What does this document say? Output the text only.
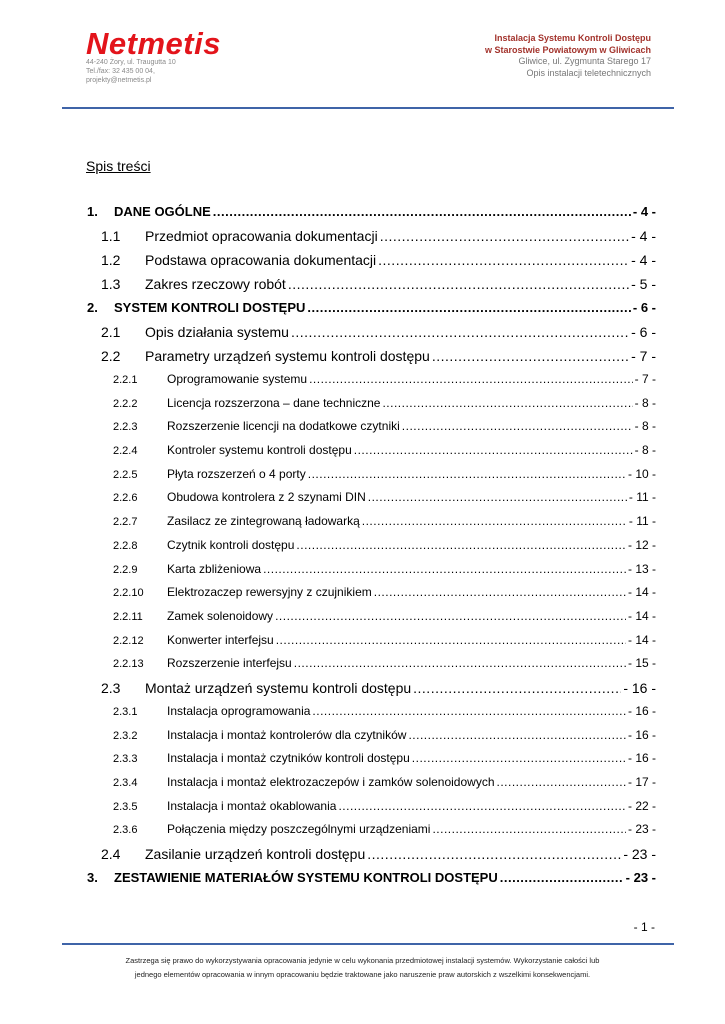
Netmetis
44-240 Żory, ul. Traugutta 10
Tel./fax: 32 435 00 04,
projekty@netmetis.pl
Instalacja Systemu Kontroli Dostępu
w Starostwie Powiatowym w Gliwicach
Gliwice, ul. Zygmunta Starego 17
Opis instalacji teletechnicznych
Spis treści
1.	DANE OGÓLNE .....	- 4 -
1.1	Przedmiot opracowania dokumentacji .....	- 4 -
1.2	Podstawa opracowania dokumentacji .....	- 4 -
1.3	Zakres rzeczowy robót .....	- 5 -
2.	SYSTEM KONTROLI DOSTĘPU .....	- 6 -
2.1	Opis działania systemu .....	- 6 -
2.2	Parametry urządzeń systemu kontroli dostępu .....	- 7 -
2.2.1	Oprogramowanie systemu .....	- 7 -
2.2.2	Licencja rozszerzona – dane techniczne .....	- 8 -
2.2.3	Rozszerzenie licencji na dodatkowe czytniki .....	- 8 -
2.2.4	Kontroler systemu kontroli dostępu .....	- 8 -
2.2.5	Płyta rozszerzeń o 4 porty .....	- 10 -
2.2.6	Obudowa kontrolera z 2 szynami DIN .....	- 11 -
2.2.7	Zasilacz ze zintegrowaną ładowarką .....	- 11 -
2.2.8	Czytnik kontroli dostępu .....	- 12 -
2.2.9	Karta zbliżeniowa .....	- 13 -
2.2.10	Elektrozaczep rewersyjny z czujnikiem .....	- 14 -
2.2.11	Zamek solenoidowy .....	- 14 -
2.2.12	Konwerter interfejsu .....	- 14 -
2.2.13	Rozszerzenie interfejsu .....	- 15 -
2.3	Montaż urządzeń systemu kontroli dostępu .....	- 16 -
2.3.1	Instalacja oprogramowania .....	- 16 -
2.3.2	Instalacja i montaż kontrolerów dla czytników .....	- 16 -
2.3.3	Instalacja i montaż czytników kontroli dostępu .....	- 16 -
2.3.4	Instalacja i montaż elektrozaczepów i zamków solenoidowych .....	- 17 -
2.3.5	Instalacja i montaż okablowania .....	- 22 -
2.3.6	Połączenia między poszczególnymi urządzeniami .....	- 23 -
2.4	Zasilanie urządzeń kontroli dostępu .....	- 23 -
3.	ZESTAWIENIE MATERIAŁÓW SYSTEMU KONTROLI DOSTĘPU .....	- 23 -
- 1 -
Zastrzega się prawo do wykorzystywania opracowania jedynie w celu wykonania przedmiotowej instalacji systemów. Wykorzystanie całości lub
jednego elementów opracowania w innym opracowaniu będzie traktowane jako naruszenie praw autorskich z wszelkimi konsekwencjami.
